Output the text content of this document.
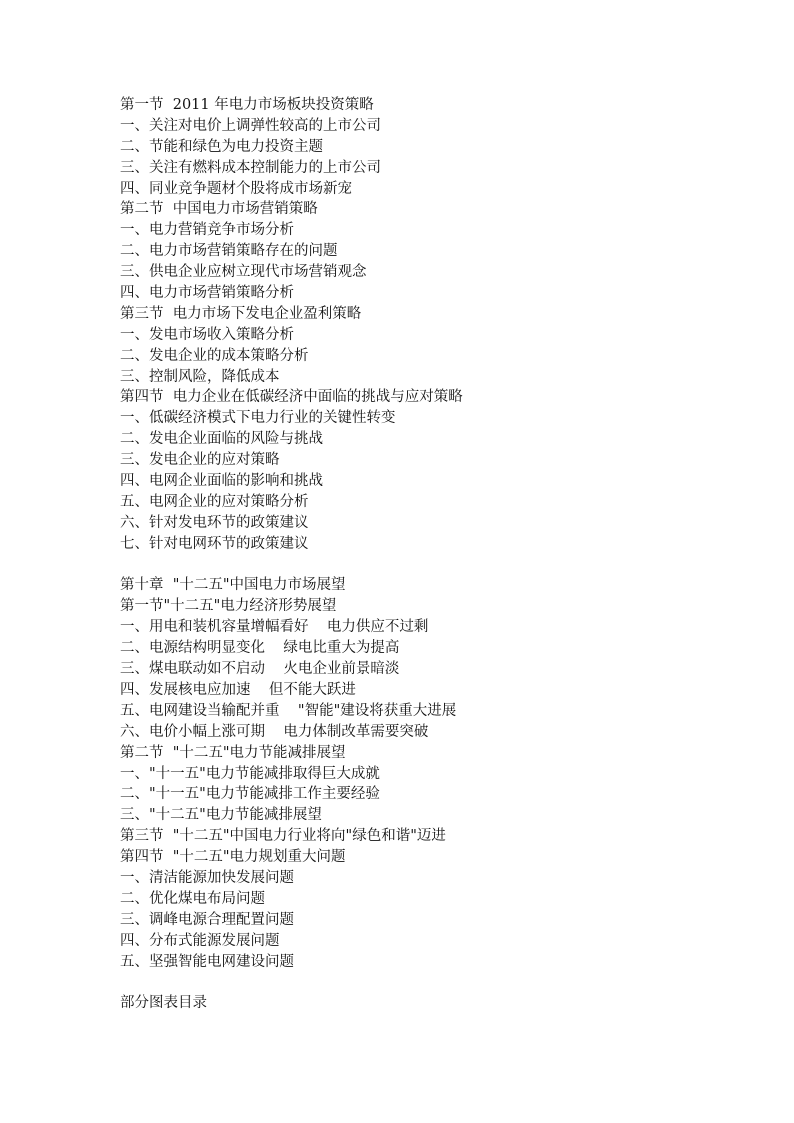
第一节  2011 年电力市场板块投资策略
一、关注对电价上调弹性较高的上市公司
二、节能和绿色为电力投资主题
三、关注有燃料成本控制能力的上市公司
四、同业竞争题材个股将成市场新宠
第二节  中国电力市场营销策略
一、电力营销竞争市场分析
二、电力市场营销策略存在的问题
三、供电企业应树立现代市场营销观念
四、电力市场营销策略分析
第三节  电力市场下发电企业盈利策略
一、发电市场收入策略分析
二、发电企业的成本策略分析
三、控制风险，降低成本
第四节  电力企业在低碳经济中面临的挑战与应对策略
一、低碳经济模式下电力行业的关键性转变
二、发电企业面临的风险与挑战
三、发电企业的应对策略
四、电网企业面临的影响和挑战
五、电网企业的应对策略分析
六、针对发电环节的政策建议
七、针对电网环节的政策建议
第十章  "十二五"中国电力市场展望
第一节"十二五"电力经济形势展望
一、用电和装机容量增幅看好    电力供应不过剩
二、电源结构明显变化    绿电比重大为提高
三、煤电联动如不启动    火电企业前景暗淡
四、发展核电应加速    但不能大跃进
五、电网建设当输配并重    "智能"建设将获重大进展
六、电价小幅上涨可期    电力体制改革需要突破
第二节  "十二五"电力节能减排展望
一、"十一五"电力节能减排取得巨大成就
二、"十一五"电力节能减排工作主要经验
三、"十二五"电力节能减排展望
第三节  "十二五"中国电力行业将向"绿色和谐"迈进
第四节  "十二五"电力规划重大问题
一、清洁能源加快发展问题
二、优化煤电布局问题
三、调峰电源合理配置问题
四、分布式能源发展问题
五、坚强智能电网建设问题
部分图表目录
